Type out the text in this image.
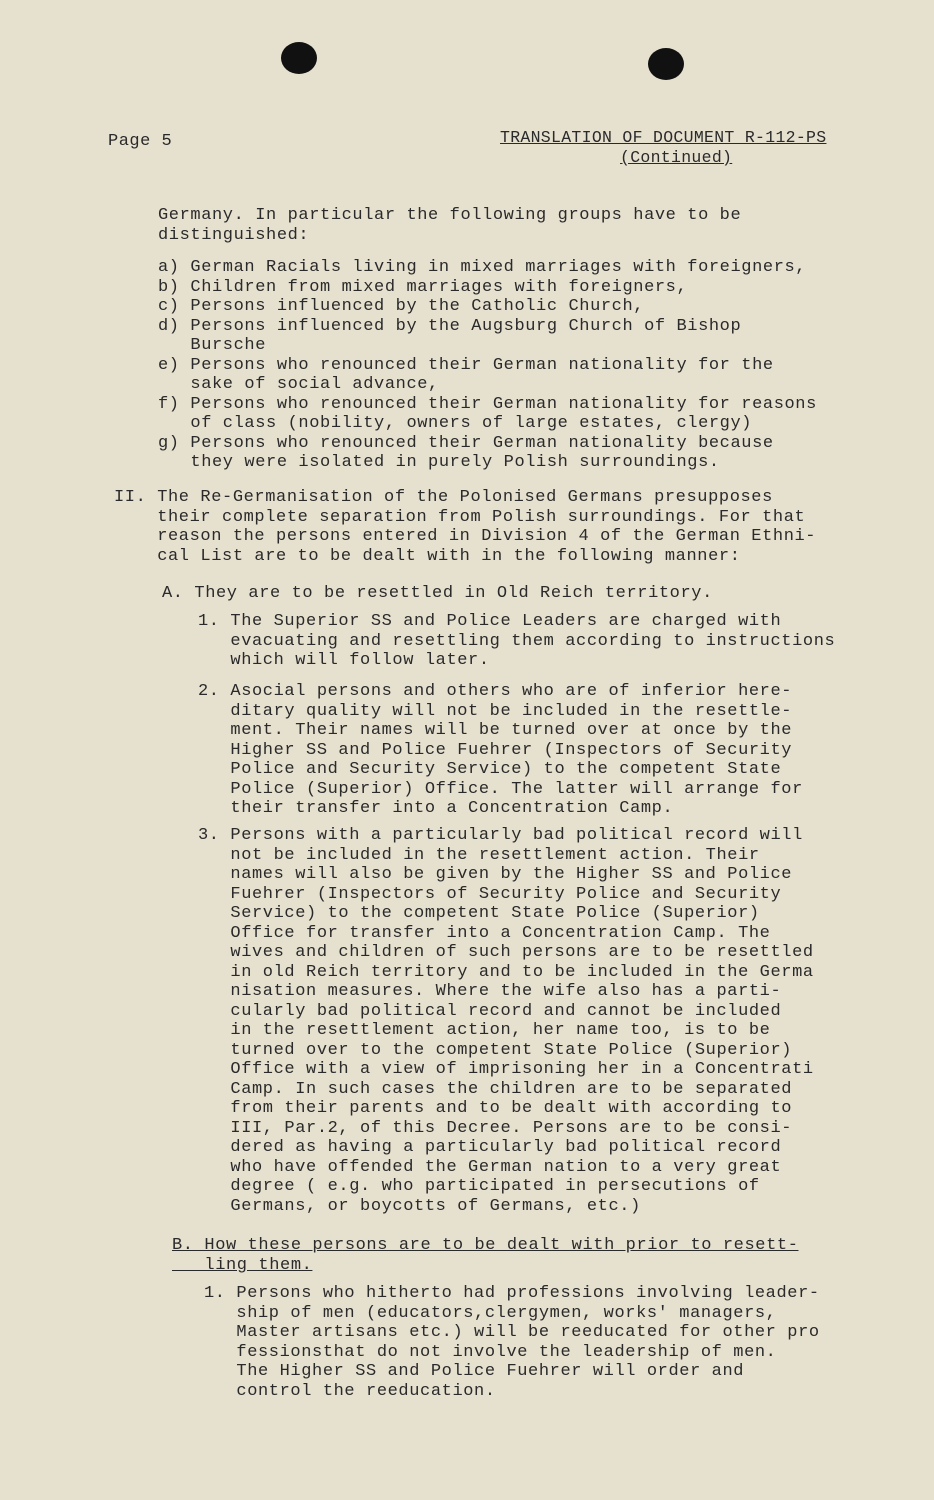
Page 5	TRANSLATION OF DOCUMENT R-112-PS
(Continued)
Germany. In particular the following groups have to be
distinguished:
a) German Racials living in mixed marriages with foreigners,
b) Children from mixed marriages with foreigners,
c) Persons influenced by the Catholic Church,
d) Persons influenced by the Augsburg Church of Bishop
Bursche
e) Persons who renounced their German nationality for the
sake of social advance,
f) Persons who renounced their German nationality for reasons
of class (nobility, owners of large estates, clergy)
g) Persons who renounced their German nationality because
they were isolated in purely Polish surroundings.
II. The Re-Germanisation of the Polonised Germans presupposes
their complete separation from Polish surroundings. For that
reason the persons entered in Division 4 of the German Ethni-
cal List are to be dealt with in the following manner:
A. They are to be resettled in Old Reich territory.
1. The Superior SS and Police Leaders are charged with
evacuating and resettling them according to instructions
which will follow later.
2. Asocial persons and others who are of inferior here-
ditary quality will not be included in the resettle-
ment. Their names will be turned over at once by the
Higher SS and Police Fuehrer (Inspectors of Security
Police and Security Service) to the competent State
Police (Superior) Office. The latter will arrange for
their transfer into a Concentration Camp.
3. Persons with a particularly bad political record will
not be included in the resettlement action. Their
names will also be given by the Higher SS and Police
Fuehrer (Inspectors of Security Police and Security
Service) to the competent State Police (Superior)
Office for transfer into a Concentration Camp. The
wives and children of such persons are to be resettled
in old Reich territory and to be included in the Germa
nisation measures. Where the wife also has a parti-
cularly bad political record and cannot be included
in the resettlement action, her name too, is to be
turned over to the competent State Police (Superior)
Office with a view of imprisoning her in a Concentrati
Camp. In such cases the children are to be separated
from their parents and to be dealt with according to
III, Par.2, of this Decree. Persons are to be consi-
dered as having a particularly bad political record
who have offended the German nation to a very great
degree ( e.g. who participated in persecutions of
Germans, or boycotts of Germans, etc.)
B. How these persons are to be dealt with prior to resett-
ling them.
1. Persons who hitherto had professions involving leader-
ship of men (educators,clergymen, works' managers,
Master artisans etc.) will be reeducated for other pro
fessionsthat do not involve the leadership of men.
The Higher SS and Police Fuehrer will order and
control the reeducation.
